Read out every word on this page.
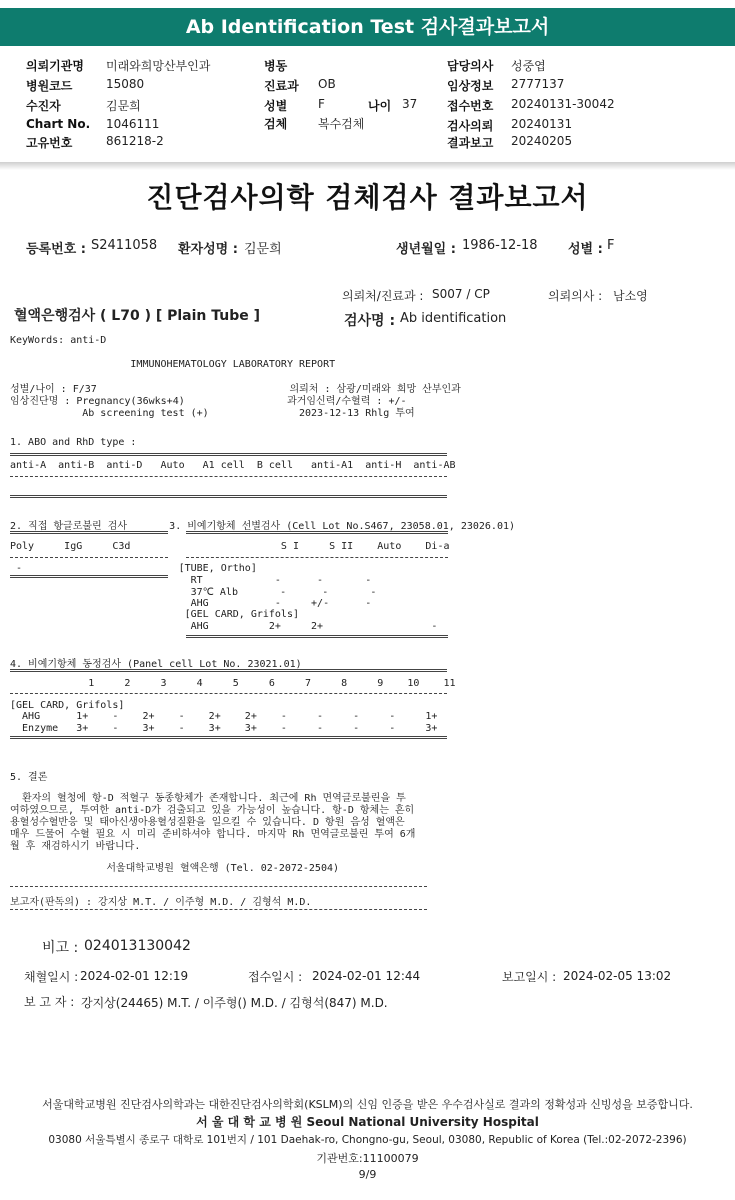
Ab Identification Test 검사결과보고서
의뢰기관명 미래와희망산부인과
병원코드	15080
수진자	김문희
Chart No. 1046111
고유번호	861218-2
병동
진료과 OB
성별	F	나이 37
검체	복수검체
담당의사 성중엽
임상정보 2777137
접수번호 20240131-30042
검사의뢰 20240131
결과보고 20240205
진단검사의학 검체검사 결과보고서
등록번호 : S2411058 환자성명 : 김문희	생년월일 : 1986-12-18 성별 : F
의뢰처/진료과 : S007 / CP	의뢰의사 : 남소영
혈액은행검사 ( L70 ) [ Plain Tube ]	검사명 : Ab identification
KeyWords: anti-D
IMMUNOHEMATOLOGY LABORATORY REPORT
성별/나이 : F/37                                의뢰처 : 삼광/미래와 희망 산부인과
임상진단명 : Pregnancy(36wks+4)                 과거임신력/수혈력 : +/-
Ab screening test (+)               2023-12-13 Rhlg 투여
1. ABO and RhD type :
anti-A  anti-B  anti-D   Auto   A1 cell  B cell   anti-A1  anti-H  anti-AB
2. 직접 항글로불린 검사       3. 비예기항체 선별검사 (Cell Lot No.S467, 23058.01, 23026.01)
Poly     IgG     C3d                         S I     S II    Auto    Di-a
-                          [TUBE, Ortho]
RT            -      -       -
37℃ Alb       -      -       -
AHG           -     +/-      -
[GEL CARD, Grifols]
AHG          2+     2+                  -
4. 비예기항체 동정검사 (Panel cell Lot No. 23021.01)
1     2     3     4     5     6     7     8     9    10    11
[GEL CARD, Grifols]
AHG      1+    -    2+    -    2+    2+    -     -     -     -     1+
Enzyme   3+    -    3+    -    3+    3+    -     -     -     -     3+
5. 결론
환자의 혈청에 항-D 적혈구 동종항체가 존재합니다. 최근에 Rh 면역글로불린을 투
여하였으므로, 투여한 anti-D가 검출되고 있을 가능성이 높습니다. 항-D 항체는 흔히
용혈성수혈반응 및 태아신생아용혈성질환을 일으킬 수 있습니다. D 항원 음성 혈액은
매우 드물어 수혈 필요 시 미리 준비하셔야 합니다. 마지막 Rh 면역글로불린 투여 6개
월 후 재검하시기 바랍니다.
서울대학교병원 혈액은행 (Tel. 02-2072-2504)
보고자(판독의) : 강지상 M.T. / 이주형 M.D. / 김형석 M.D.
비고 : 024013130042
채혈일시 : 2024-02-01 12:19	접수일시 : 2024-02-01 12:44	보고일시 : 2024-02-05 13:02
보 고 자 : 강지상(24465) M.T. / 이주형() M.D. / 김형석(847) M.D.
서울대학교병원 진단검사의학과는 대한진단검사의학회(KSLM)의 신임 인증을 받은 우수검사실로 결과의 정확성과 신빙성을 보증합니다.
서 울 대 학 교 병 원 Seoul National University Hospital
03080 서울특별시 종로구 대학로 101번지 / 101 Daehak-ro, Chongno-gu, Seoul, 03080, Republic of Korea (Tel.:02-2072-2396)
기관번호:11100079
9/9
